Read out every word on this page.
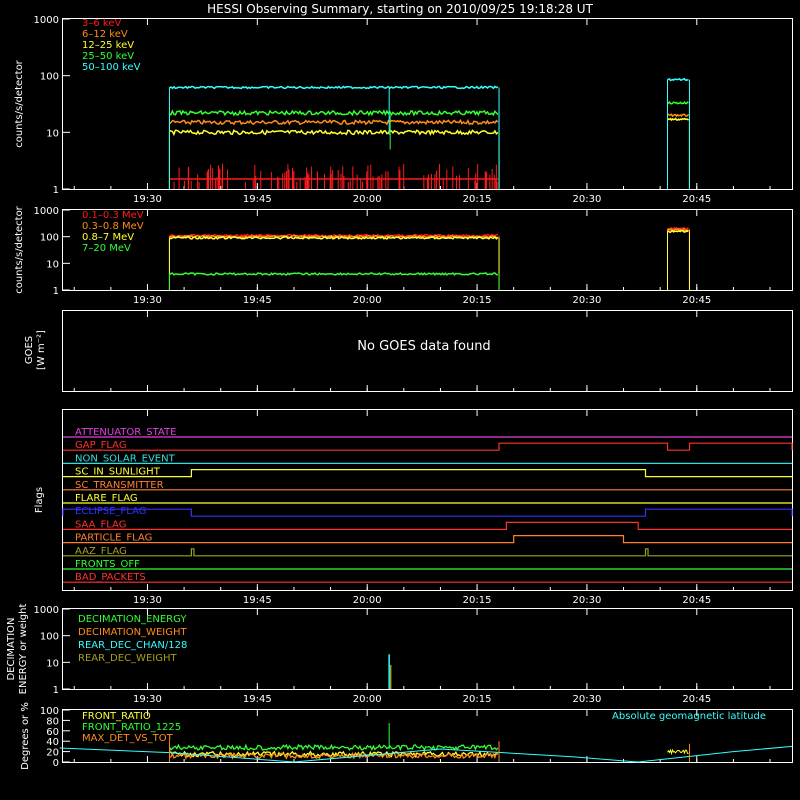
HESSI Observing Summary, starting on 2010/09/25 19:18:28 UT
counts/s/detector
counts/s/detector
GOES [W m⁻²]
Flags
DECIMATION ENERGY or weight
Degrees or %
No GOES data found
Absolute geomagnetic latitude
19:30	19:45	20:00	20:15	20:30	20:45
19:30	19:45	20:00	20:15	20:30	20:45
19:30	19:45	20:00	20:15	20:30	20:45
19:30	19:45	20:00	20:15	20:30	20:45
1
10
100
1000
1
10
100
1000
1
10
100
1000
0
20
40
60
80
100
3–6 keV
6–12 keV
12–25 keV
25–50 keV
50–100 keV
0.1–0.3 MeV
0.3–0.8 MeV
0.8–7 MeV
7–20 MeV
DECIMATION_ENERGY
DECIMATION_WEIGHT
REAR_DEC_CHAN/128
REAR_DEC_WEIGHT
FRONT_RATIO
FRONT_RATIO_1225
MAX_DET_VS_TOT
ATTENUATOR_STATE
GAP_FLAG
NON_SOLAR_EVENT
SC_IN_SUNLIGHT
SC_TRANSMITTER
FLARE_FLAG
ECLIPSE_FLAG
SAA_FLAG
PARTICLE_FLAG
AAZ_FLAG
FRONTS_OFF
BAD_PACKETS
